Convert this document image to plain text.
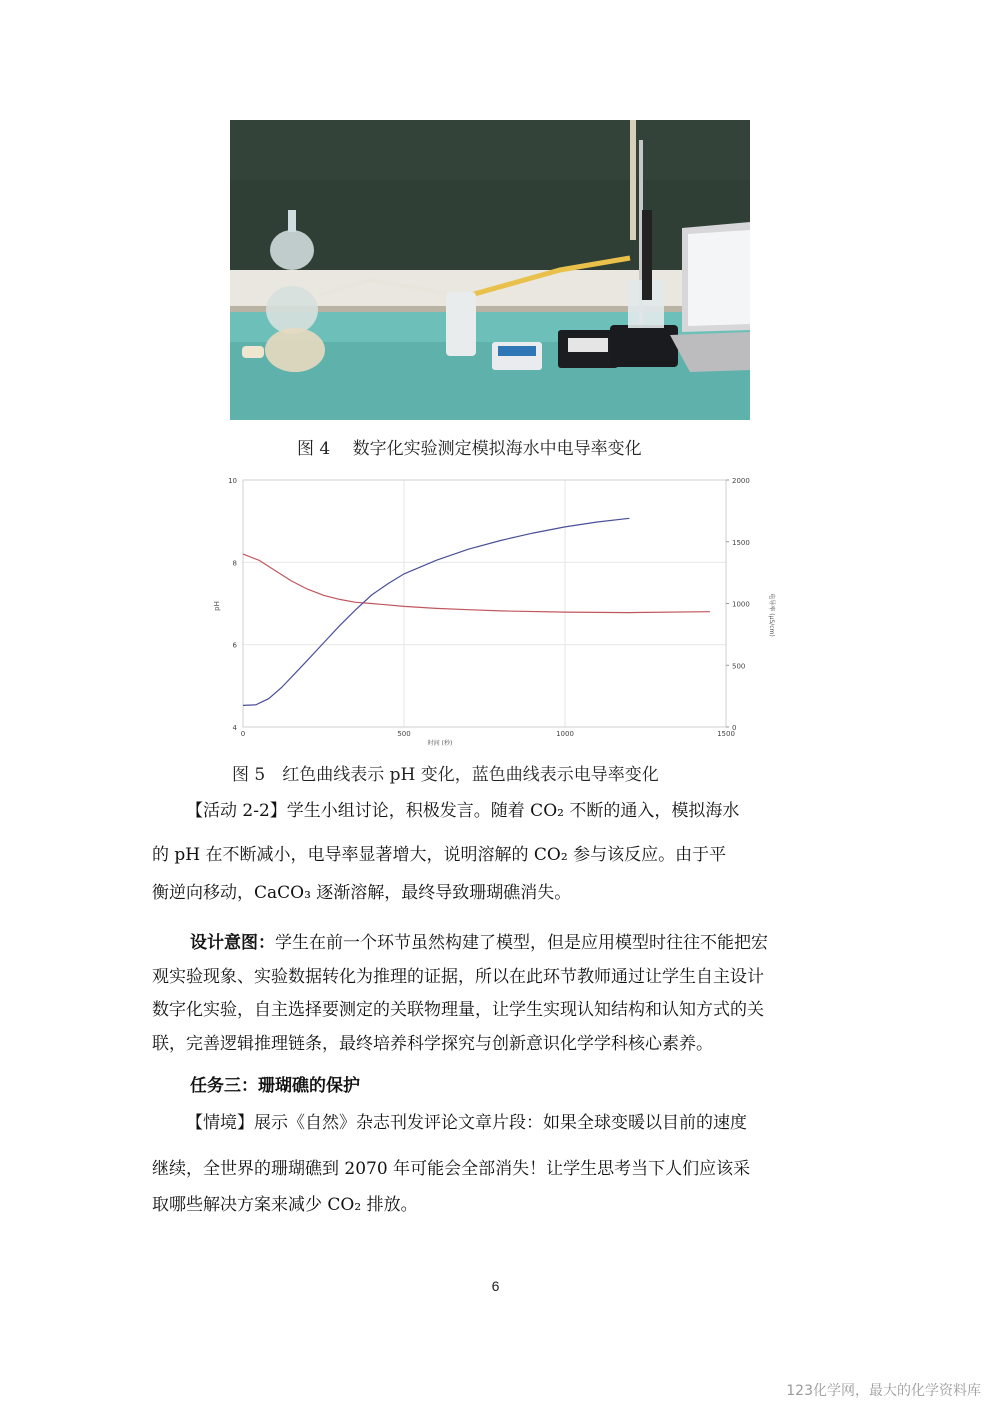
图 4　 数字化实验测定模拟海水中电导率变化
0	500	1000	1500
4
6
8
10
0
500
1000
1500
2000
时间 (秒)
pH	电导率 (μS/cm)
图 5　红色曲线表示 pH 变化，蓝色曲线表示电导率变化
【活动 2-2】学生小组讨论，积极发言。随着 CO₂ 不断的通入，模拟海水
的 pH 在不断减小，电导率显著增大，说明溶解的 CO₂ 参与该反应。由于平
衡逆向移动，CaCO₃ 逐渐溶解，最终导致珊瑚礁消失。
设计意图：学生在前一个环节虽然构建了模型，但是应用模型时往往不能把宏
观实验现象、实验数据转化为推理的证据，所以在此环节教师通过让学生自主设计
数字化实验，自主选择要测定的关联物理量，让学生实现认知结构和认知方式的关
联，完善逻辑推理链条，最终培养科学探究与创新意识化学学科核心素养。
任务三：珊瑚礁的保护
【情境】展示《自然》杂志刊发评论文章片段：如果全球变暖以目前的速度
继续，全世界的珊瑚礁到 2070 年可能会全部消失！让学生思考当下人们应该采
取哪些解决方案来减少 CO₂ 排放。
6
123化学网，最大的化学资料库
